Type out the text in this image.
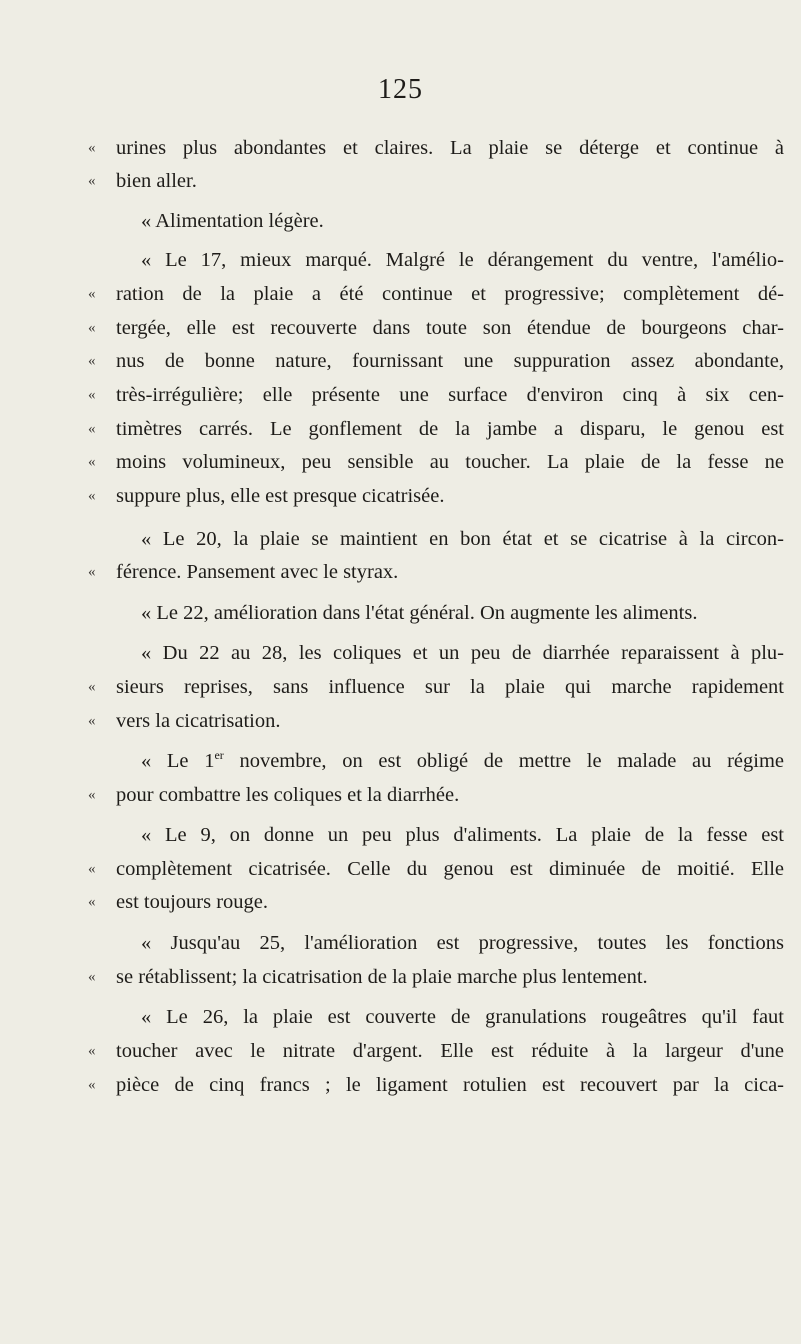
125
«	urines plus abondantes et claires. La plaie se déterge et continue à
«	bien aller.
« Alimentation légère.
« Le 17, mieux marqué. Malgré le dérangement du ventre, l'amélio-
«	ration de la plaie a été continue et progressive; complètement dé-
«	tergée, elle est recouverte dans toute son étendue de bourgeons char-
«	nus de bonne nature, fournissant une suppuration assez abondante,
«	très-irrégulière; elle présente une surface d'environ cinq à six cen-
«	timètres carrés. Le gonflement de la jambe a disparu, le genou est
«	moins volumineux, peu sensible au toucher. La plaie de la fesse ne
«	suppure plus, elle est presque cicatrisée.
« Le 20, la plaie se maintient en bon état et se cicatrise à la circon-
«	férence. Pansement avec le styrax.
« Le 22, amélioration dans l'état général. On augmente les aliments.
« Du 22 au 28, les coliques et un peu de diarrhée reparaissent à plu-
«	sieurs reprises, sans influence sur la plaie qui marche rapidement
«	vers la cicatrisation.
« Le 1er novembre, on est obligé de mettre le malade au régime
«	pour combattre les coliques et la diarrhée.
« Le 9, on donne un peu plus d'aliments. La plaie de la fesse est
«	complètement cicatrisée. Celle du genou est diminuée de moitié. Elle
«	est toujours rouge.
« Jusqu'au 25, l'amélioration est progressive, toutes les fonctions
«	se rétablissent; la cicatrisation de la plaie marche plus lentement.
« Le 26, la plaie est couverte de granulations rougeâtres qu'il faut
«	toucher avec le nitrate d'argent. Elle est réduite à la largeur d'une
«	pièce de cinq francs ; le ligament rotulien est recouvert par la cica-
